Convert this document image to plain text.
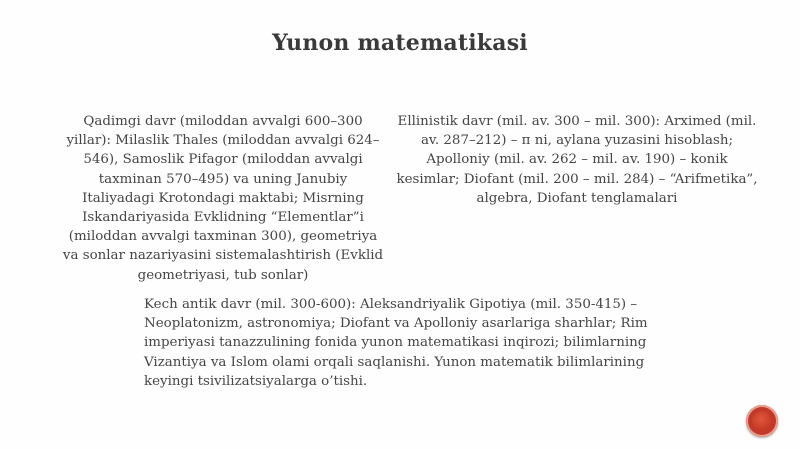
Yunon matematikasi
Qadimgi davr (miloddan avvalgi 600–300 yillar): Milaslik Thales (miloddan avvalgi 624–546), Samoslik Pifagor (miloddan avvalgi taxminan 570–495) va uning Janubiy Italiyadagi Krotondagi maktabi; Misrning Iskandariyasida Evklidning “Elementlar”i (miloddan avvalgi taxminan 300), geometriya va sonlar nazariyasini sistemalashtirish (Evklid geometriyasi, tub sonlar)
Ellinistik davr (mil. av. 300 – mil. 300): Arximed (mil. av. 287–212) – π ni, aylana yuzasini hisoblash; Apolloniy (mil. av. 262 – mil. av. 190) – konik kesimlar; Diofant (mil. 200 – mil. 284) – “Arifmetika”, algebra, Diofant tenglamalari
Kech antik davr (mil. 300-600): Aleksandriyalik Gipotiya (mil. 350-415) – Neoplatonizm, astronomiya; Diofant va Apolloniy asarlariga sharhlar; Rim imperiyasi tanazzulining fonida yunon matematikasi inqirozi; bilimlarning Vizantiya va Islom olami orqali saqlanishi. Yunon matematik bilimlarining keyingi tsivilizatsiyalarga o’tishi.
